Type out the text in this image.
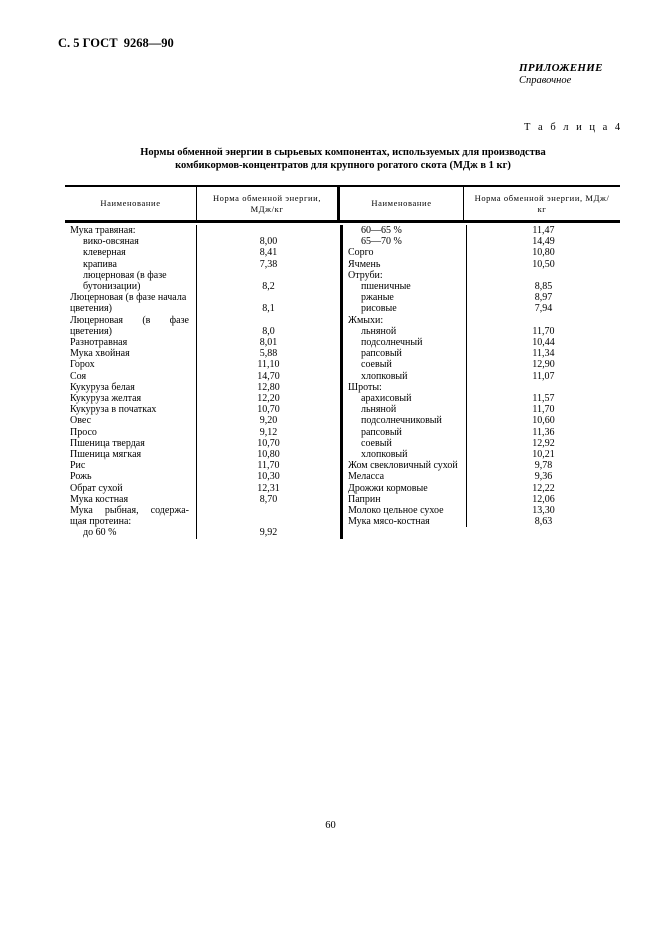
С. 5 ГОСТ  9268—90
ПРИЛОЖЕНИЕ
Справочное
Т а б л и ц а 4
Нормы обменной энергии в сырьевых компонентах, используемых для производства
комбикормов-концентратов для крупного рогатого скота (МДж в 1 кг)
Наименование
Норма обменной энергии, МДж/кг
Наименование
Норма обменной энергии, МДж/кг
Мука травяная:
вико-овсяная	8,00
клеверная	8,41
крапива	7,38
люцерновая (в фазе
бутонизации)	8,2
Люцерновая (в фазе начала
цветения)	8,1
Люцерновая (в фазе
цветения)	8,0
Разнотравная	8,01
Мука хвойная	5,88
Горох	11,10
Соя	14,70
Кукуруза белая	12,80
Кукуруза желтая	12,20
Кукуруза в початках	10,70
Овес	9,20
Просо	9,12
Пшеница твердая	10,70
Пшеница мягкая	10,80
Рис	11,70
Рожь	10,30
Обрат сухой	12,31
Мука костная	8,70
Мука рыбная, содержа-
щая протеина:
до 60 %	9,92
60—65 %	11,47
65—70 %	14,49
Сорго	10,80
Ячмень	10,50
Отруби:
пшеничные	8,85
ржаные	8,97
рисовые	7,94
Жмыхи:
льняной	11,70
подсолнечный	10,44
рапсовый	11,34
соевый	12,90
хлопковый	11,07
Шроты:
арахисовый	11,57
льняной	11,70
подсолнечниковый	10,60
рапсовый	11,36
соевый	12,92
хлопковый	10,21
Жом свекловичный сухой	9,78
Меласса	9,36
Дрожжи кормовые	12,22
Паприн	12,06
Молоко цельное сухое	13,30
Мука мясо-костная	8,63
60
